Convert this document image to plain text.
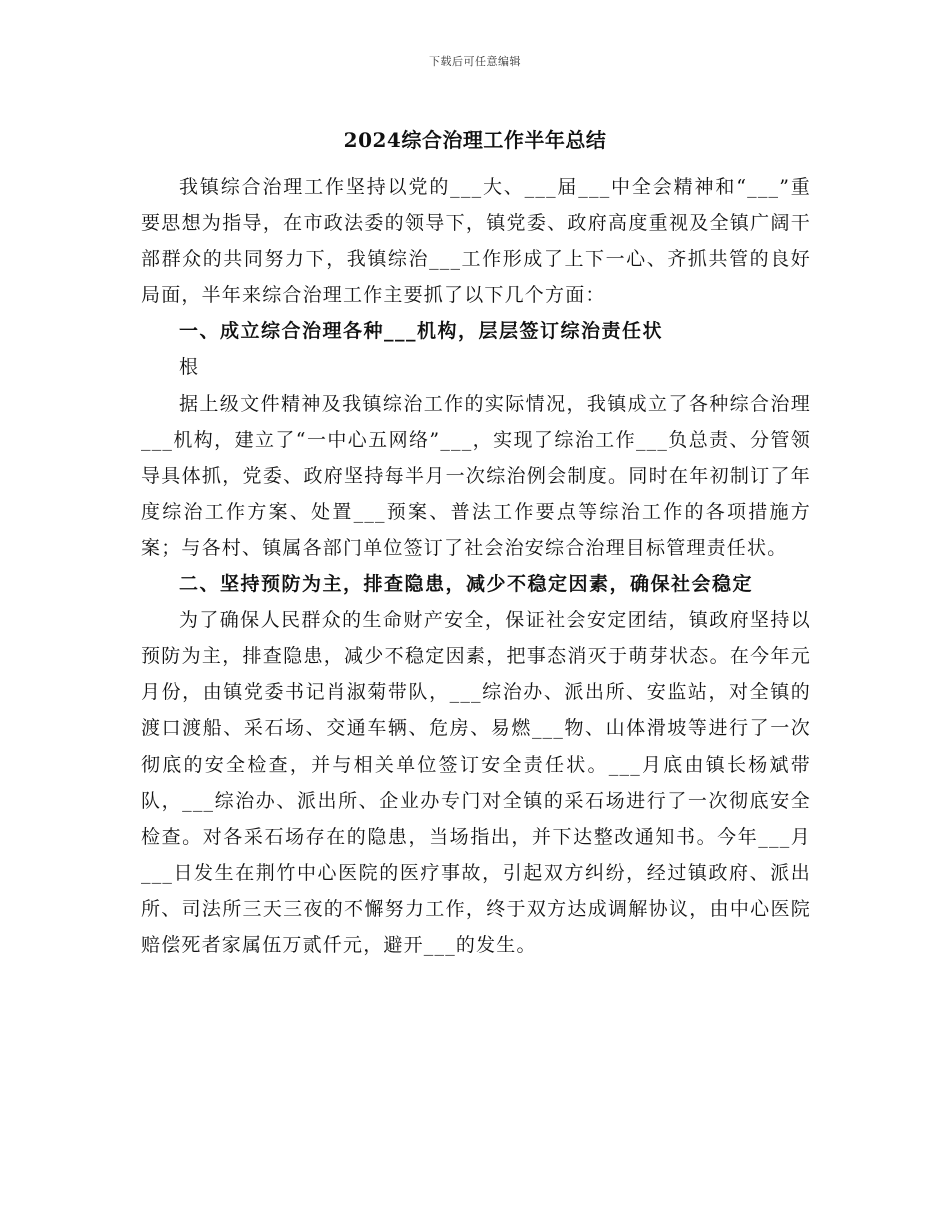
下载后可任意编辑
2024综合治理工作半年总结

我镇综合治理工作坚持以党的___大、___届___中全会精神和“___”重要思想为指导，在市政法委的领导下，镇党委、政府高度重视及全镇广阔干部群众的共同努力下，我镇综治___工作形成了上下一心、齐抓共管的良好局面，半年来综合治理工作主要抓了以下几个方面：

一、成立综合治理各种___机构，层层签订综治责任状

根

据上级文件精神及我镇综治工作的实际情况，我镇成立了各种综合治理___机构，建立了“一中心五网络”___，实现了综治工作___负总责、分管领导具体抓，党委、政府坚持每半月一次综治例会制度。同时在年初制订了年度综治工作方案、处置___预案、普法工作要点等综治工作的各项措施方案；与各村、镇属各部门单位签订了社会治安综合治理目标管理责任状。

二、坚持预防为主，排查隐患，减少不稳定因素，确保社会稳定

为了确保人民群众的生命财产安全，保证社会安定团结，镇政府坚持以预防为主，排查隐患，减少不稳定因素，把事态消灭于萌芽状态。在今年元月份，由镇党委书记肖淑菊带队，___综治办、派出所、安监站，对全镇的渡口渡船、采石场、交通车辆、危房、易燃___物、山体滑坡等进行了一次彻底的安全检查，并与相关单位签订安全责任状。___月底由镇长杨斌带队，___综治办、派出所、企业办专门对全镇的采石场进行了一次彻底安全检查。对各采石场存在的隐患，当场指出，并下达整改通知书。今年___月___日发生在荆竹中心医院的医疗事故，引起双方纠纷，经过镇政府、派出所、司法所三天三夜的不懈努力工作，终于双方达成调解协议，由中心医院赔偿死者家属伍万贰仟元，避开___的发生。
